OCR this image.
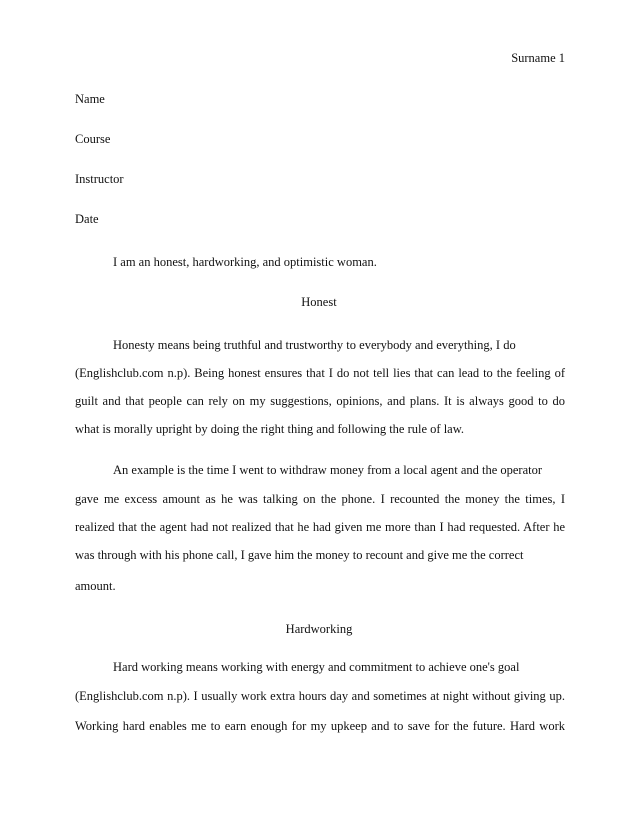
Surname 1
Name
Course
Instructor
Date
I am an honest, hardworking, and optimistic woman.
Honest
Honesty means being truthful and trustworthy to everybody and everything, I do
(Englishclub.com n.p). Being honest ensures that I do not tell lies that can lead to the feeling of
guilt and that people can rely on my suggestions, opinions, and plans. It is always good to do
what is morally upright by doing the right thing and following the rule of law.
An example is the time I went to withdraw money from a local agent and the operator
gave me excess amount as he was talking on the phone. I recounted the money the times, I
realized that the agent had not realized that he had given me more than I had requested. After he
was through with his phone call, I gave him the money to recount and give me the correct
amount.
Hardworking
Hard working means working with energy and commitment to achieve one's goal
(Englishclub.com n.p). I usually work extra hours day and sometimes at night without giving up.
Working hard enables me to earn enough for my upkeep and to save for the future. Hard work
